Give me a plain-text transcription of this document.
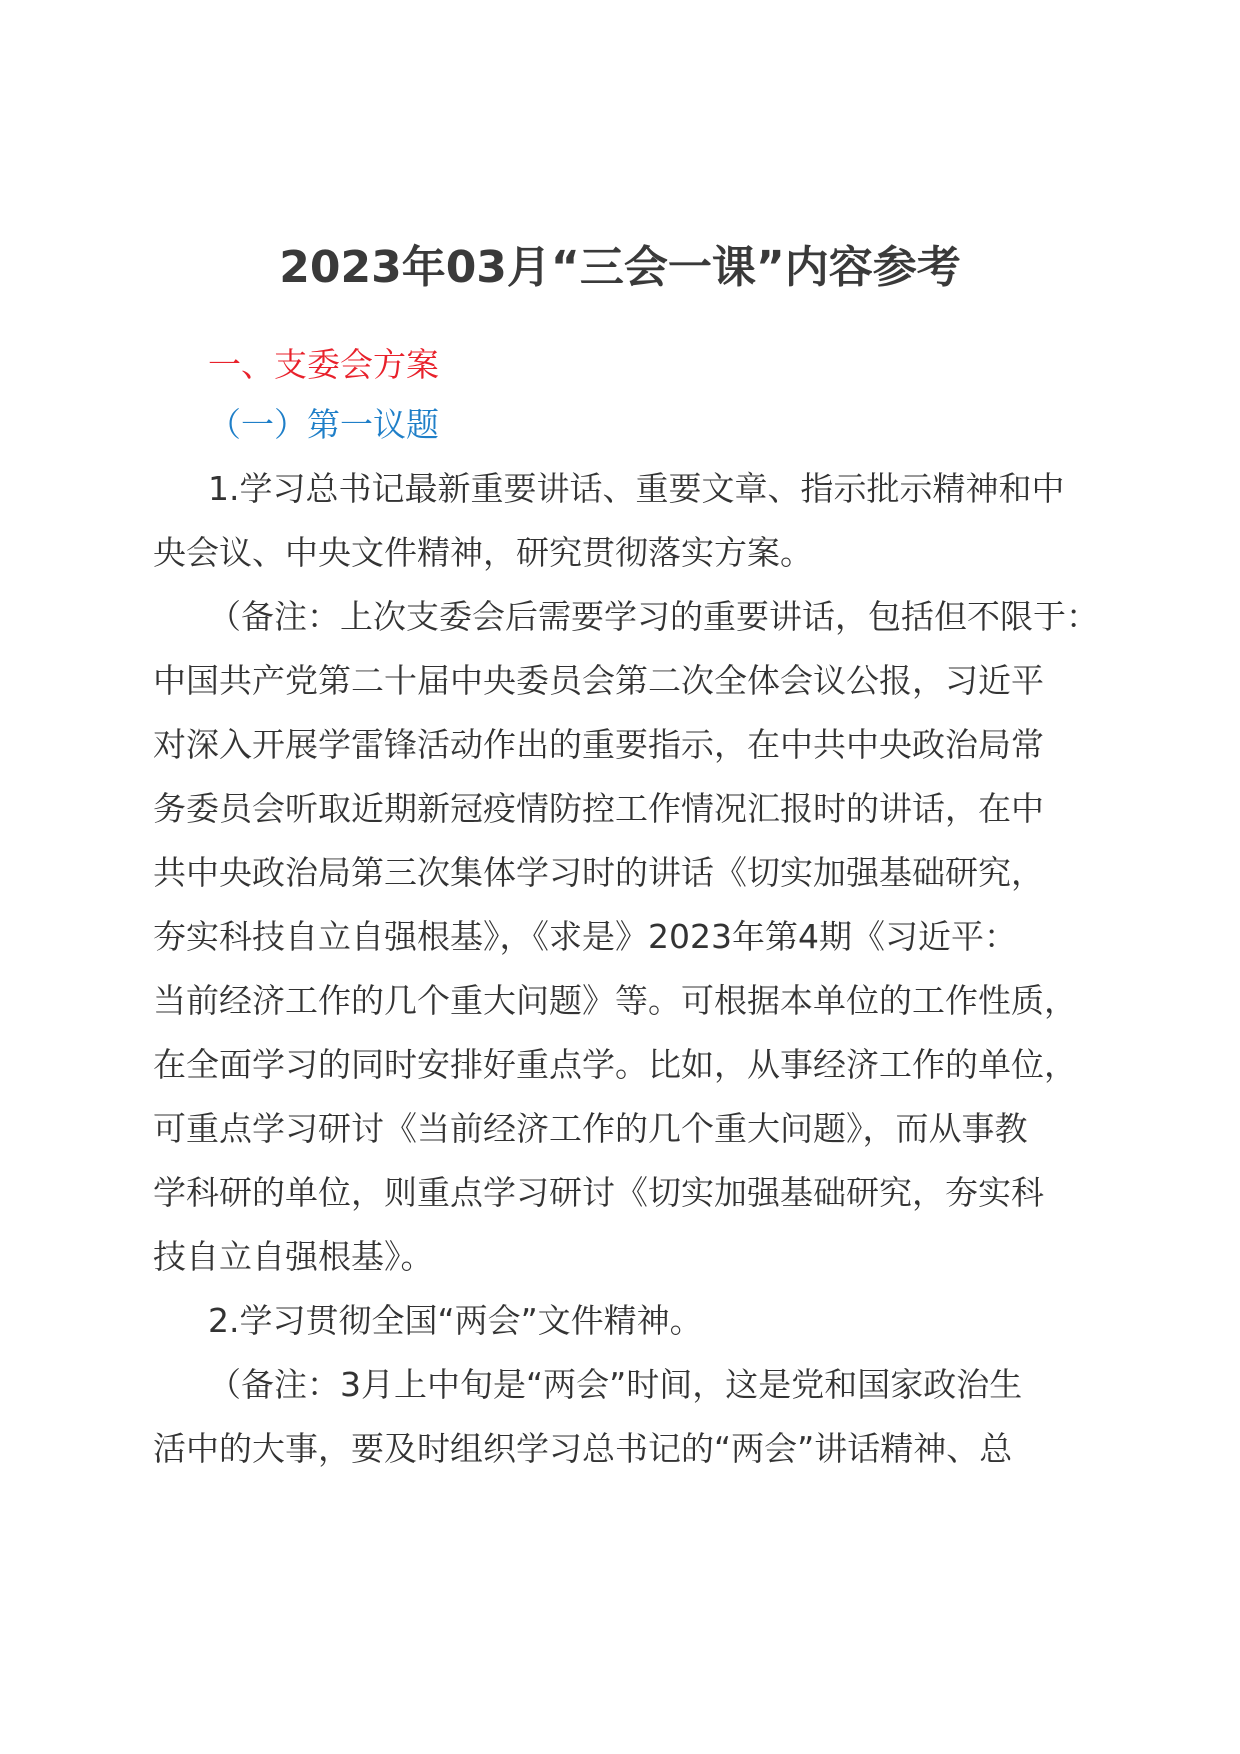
2023年03月“三会一课”内容参考
一、支委会方案
（一）第一议题
1.学习总书记最新重要讲话、重要文章、指示批示精神和中
央会议、中央文件精神，研究贯彻落实方案。
（备注：上次支委会后需要学习的重要讲话，包括但不限于：
中国共产党第二十届中央委员会第二次全体会议公报，习近平
对深入开展学雷锋活动作出的重要指示，在中共中央政治局常
务委员会听取近期新冠疫情防控工作情况汇报时的讲话，在中
共中央政治局第三次集体学习时的讲话《切实加强基础研究，
夯实科技自立自强根基》，《求是》2023年第4期《习近平：
当前经济工作的几个重大问题》等。可根据本单位的工作性质，
在全面学习的同时安排好重点学。比如，从事经济工作的单位，
可重点学习研讨《当前经济工作的几个重大问题》，而从事教
学科研的单位，则重点学习研讨《切实加强基础研究，夯实科
技自立自强根基》。
2.学习贯彻全国“两会”文件精神。
（备注：3月上中旬是“两会”时间，这是党和国家政治生
活中的大事，要及时组织学习总书记的“两会”讲话精神、总
